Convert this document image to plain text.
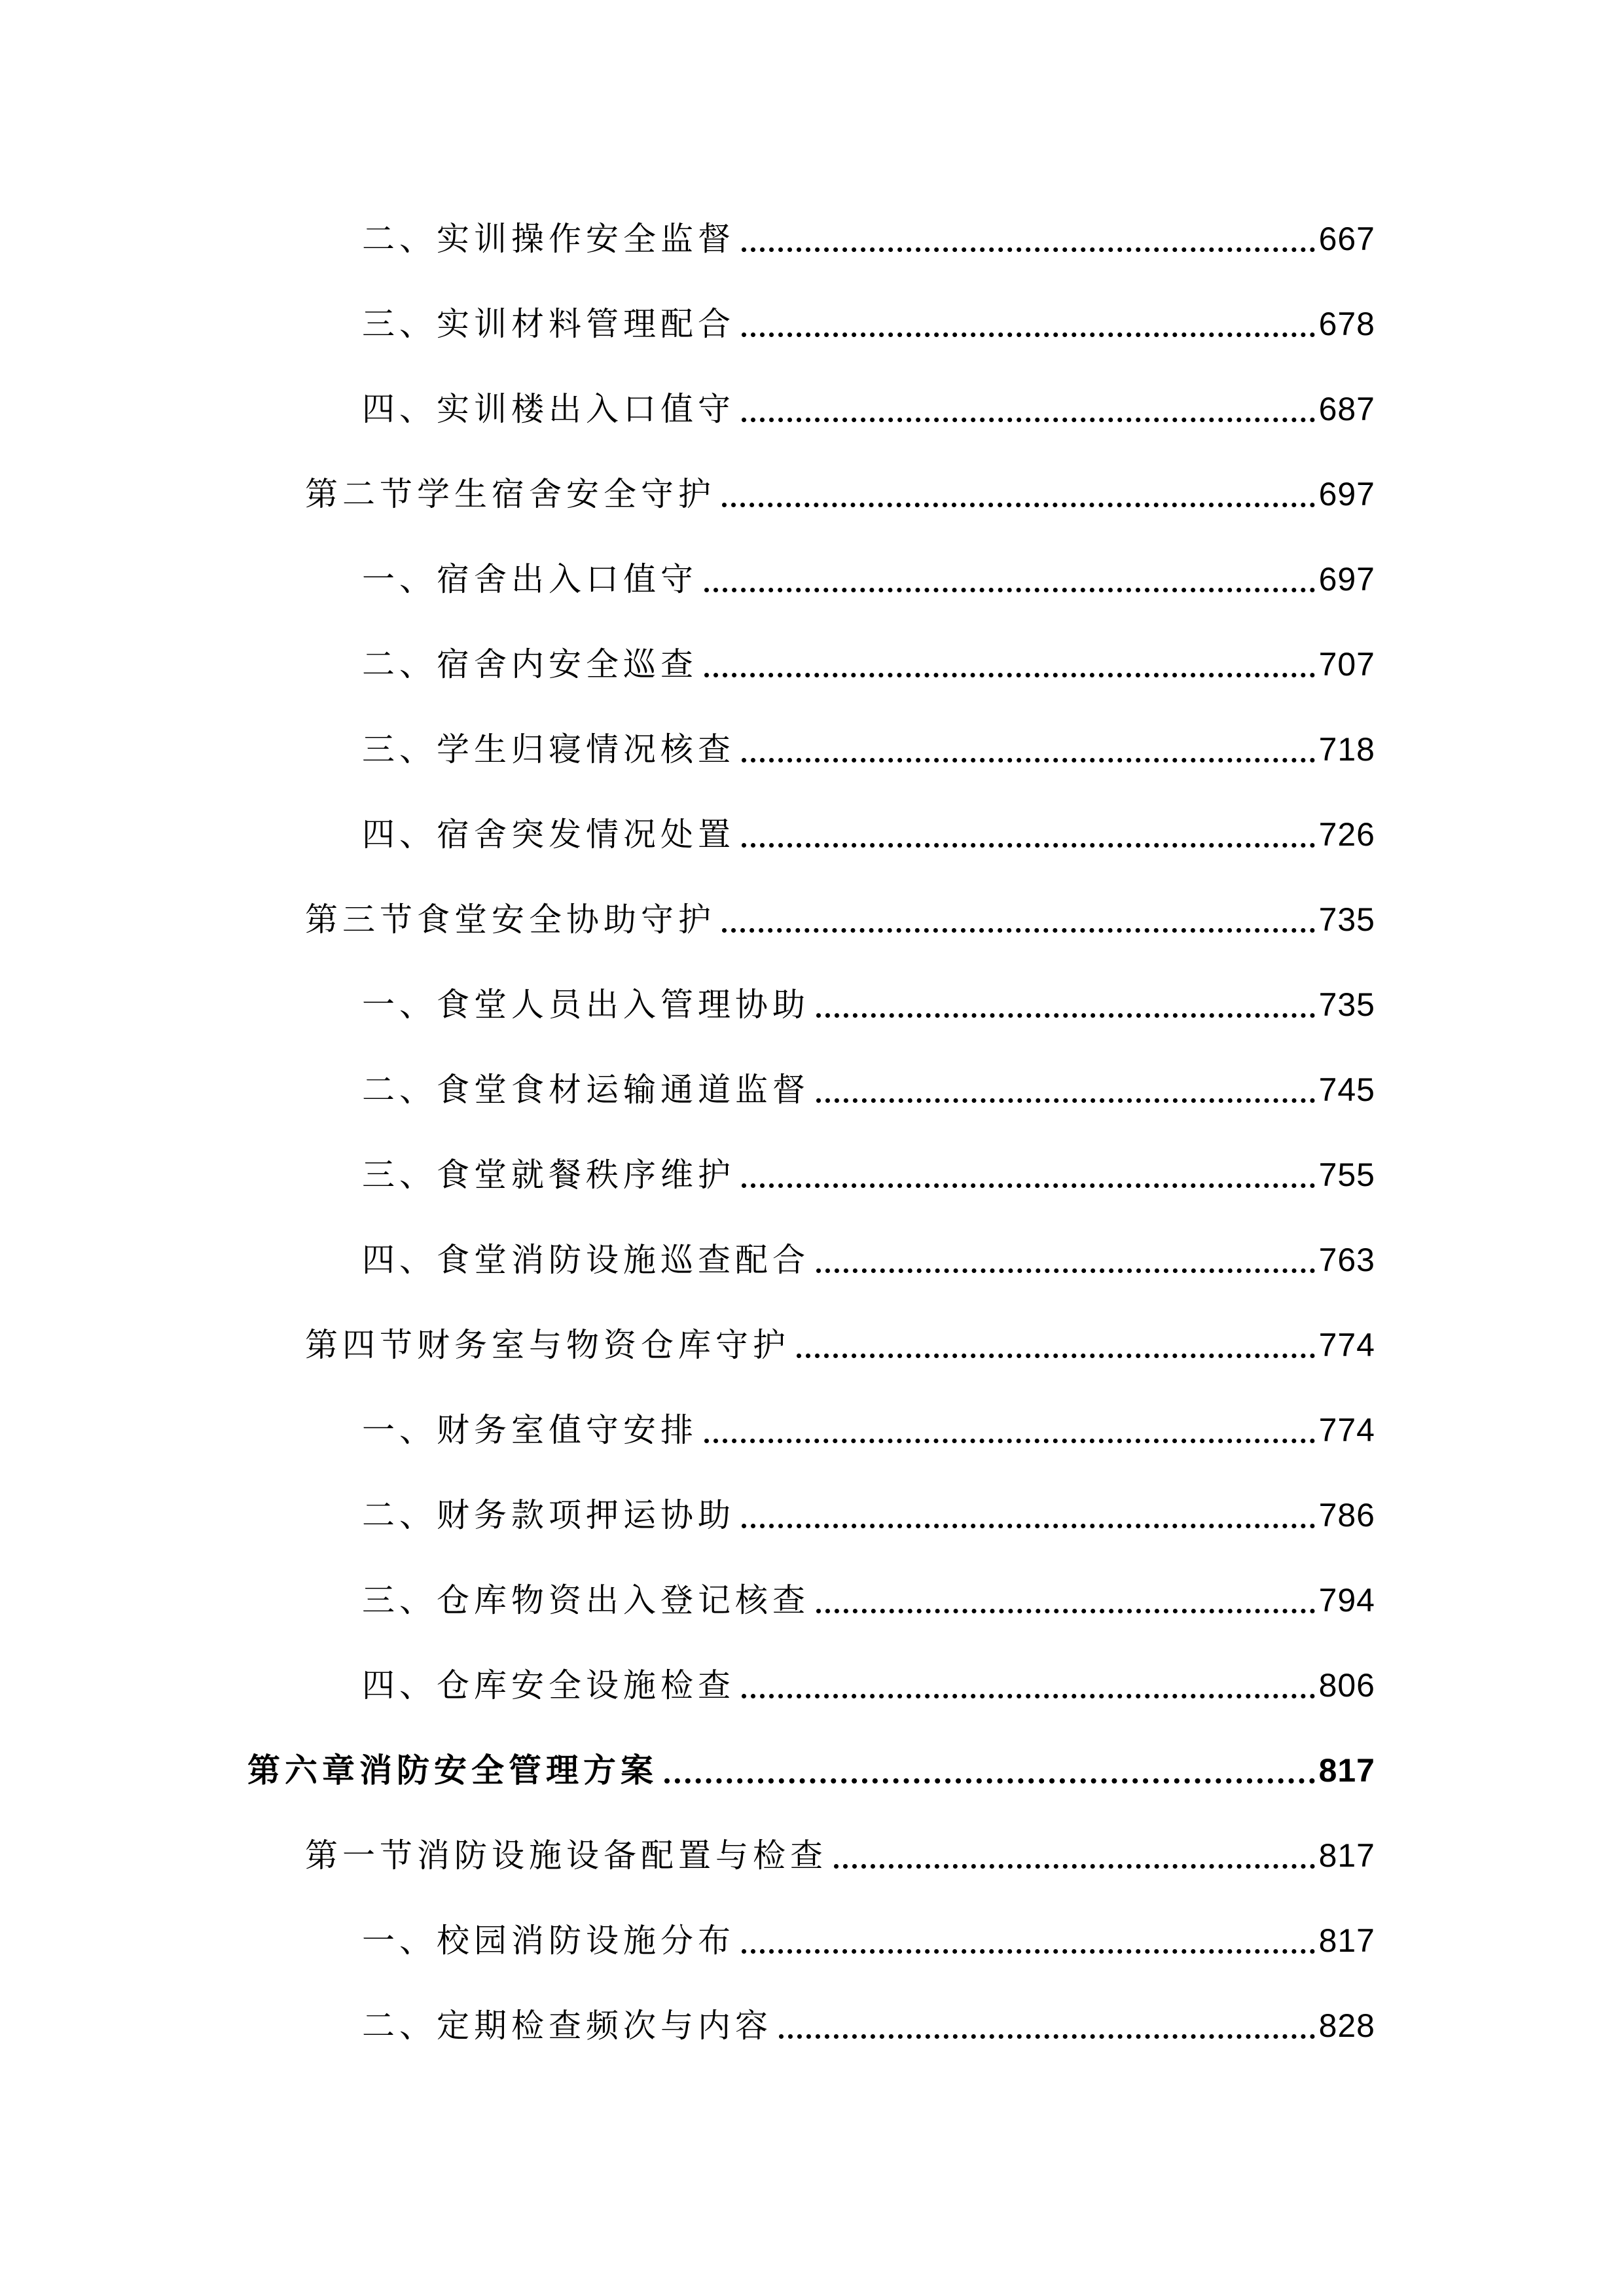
二、实训操作安全监督	667
三、实训材料管理配合	678
四、实训楼出入口值守	687
第二节学生宿舍安全守护	697
一、宿舍出入口值守	697
二、宿舍内安全巡查	707
三、学生归寝情况核查	718
四、宿舍突发情况处置	726
第三节食堂安全协助守护	735
一、食堂人员出入管理协助	735
二、食堂食材运输通道监督	745
三、食堂就餐秩序维护	755
四、食堂消防设施巡查配合	763
第四节财务室与物资仓库守护	774
一、财务室值守安排	774
二、财务款项押运协助	786
三、仓库物资出入登记核查	794
四、仓库安全设施检查	806
第六章消防安全管理方案	817
第一节消防设施设备配置与检查	817
一、校园消防设施分布	817
二、定期检查频次与内容	828
